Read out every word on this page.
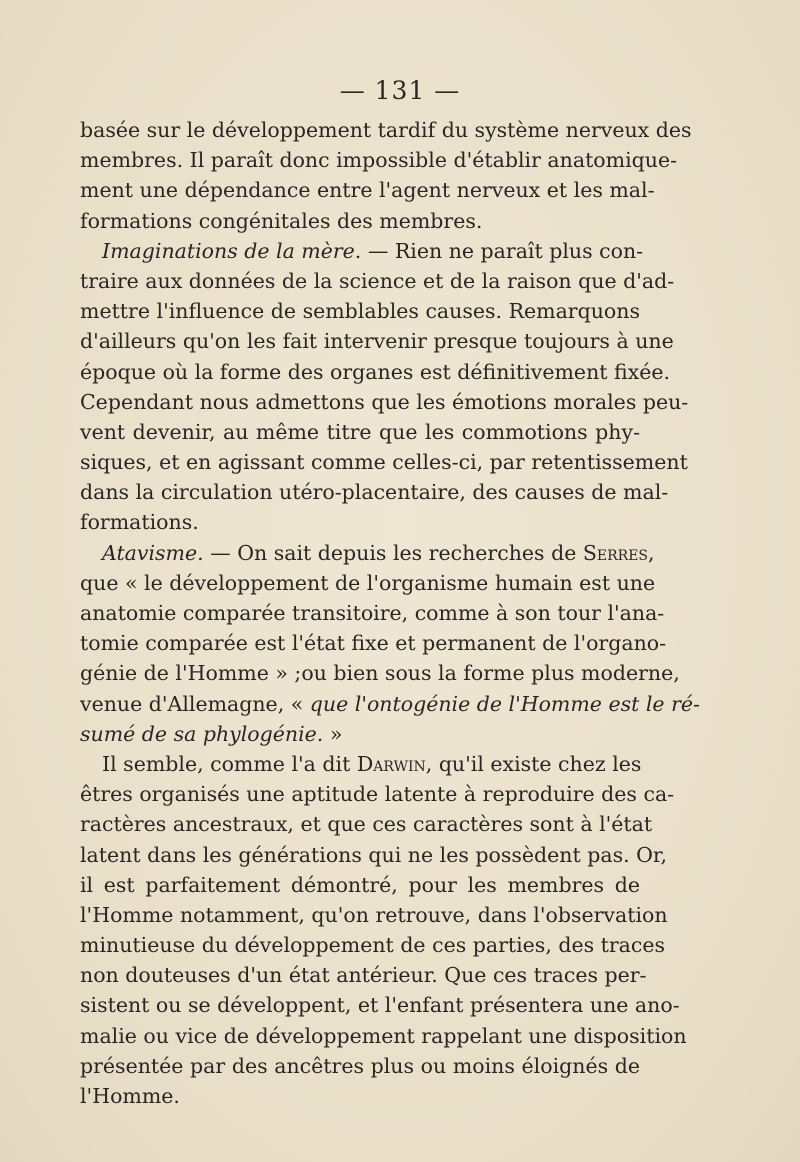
— 131 —
basée sur le développement tardif du système nerveux des
membres. Il paraît donc impossible d'établir anatomique-
ment une dépendance entre l'agent nerveux et les mal-
formations congénitales des membres.
Imaginations de la mère. — Rien ne paraît plus con-
traire aux données de la science et de la raison que d'ad-
mettre l'influence de semblables causes. Remarquons
d'ailleurs qu'on les fait intervenir presque toujours à une
époque où la forme des organes est définitivement fixée.
Cependant nous admettons que les émotions morales peu-
vent devenir, au même titre que les commotions phy-
siques, et en agissant comme celles-ci, par retentissement
dans la circulation utéro-placentaire, des causes de mal-
formations.
Atavisme. — On sait depuis les recherches de Serres,
que « le développement de l'organisme humain est une
anatomie comparée transitoire, comme à son tour l'ana-
tomie comparée est l'état fixe et permanent de l'organo-
génie de l'Homme » ;ou bien sous la forme plus moderne,
venue d'Allemagne, « que l'ontogénie de l'Homme est le ré-
sumé de sa phylogénie. »
Il semble, comme l'a dit Darwin, qu'il existe chez les
êtres organisés une aptitude latente à reproduire des ca-
ractères ancestraux, et que ces caractères sont à l'état
latent dans les générations qui ne les possèdent pas. Or,
il est parfaitement démontré, pour les membres de
l'Homme notamment, qu'on retrouve, dans l'observation
minutieuse du développement de ces parties, des traces
non douteuses d'un état antérieur. Que ces traces per-
sistent ou se développent, et l'enfant présentera une ano-
malie ou vice de développement rappelant une disposition
présentée par des ancêtres plus ou moins éloignés de
l'Homme.
